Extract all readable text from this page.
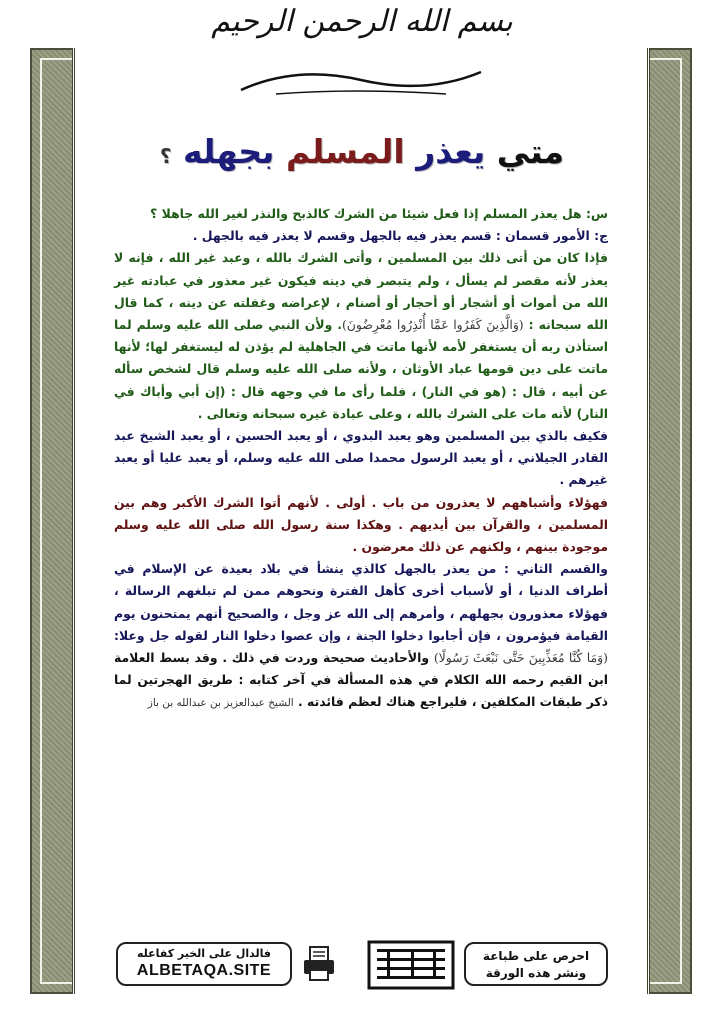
بسم الله الرحمن الرحيم
متي يعذر المسلم بجهله ؟

س: هل يعذر المسلم إذا فعل شيئا من الشرك كالذبح والنذر لغير الله جاهلا ؟

ج: الأمور قسمان : قسم يعذر فيه بالجهل وقسم لا يعذر فيه بالجهل .

فإذا كان من أتى ذلك بين المسلمين ، وأتى الشرك بالله ، وعبد غير الله ، فإنه لا يعذر لأنه مقصر لم يسأل ، ولم يتبصر في دينه فيكون غير معذور في عبادته غير الله من أموات أو أشجار أو أحجار أو أصنام ، لإعراضه وغفلته عن دينه ، كما قال الله سبحانه : (وَالَّذِينَ كَفَرُوا عَمَّا أُنْذِرُوا مُعْرِضُونَ). ولأن النبي صلى الله عليه وسلم لما استأذن ربه أن يستغفر لأمه لأنها ماتت في الجاهلية لم يؤذن له ليستغفر لها؛ لأنها ماتت على دين قومها عباد الأوثان ، ولأنه صلى الله عليه وسلم قال لشخص سأله عن أبيه ، قال : (هو في النار) ، فلما رأى ما في وجهه قال : (إن أبي وأباك في النار) لأنه مات على الشرك بالله ، وعلى عبادة غيره سبحانه وتعالى .

فكيف بالذي بين المسلمين وهو يعبد البدوي ، أو يعبد الحسين ، أو يعبد الشيخ عبد القادر الجيلاني ، أو يعبد الرسول محمدا صلى الله عليه وسلم، أو يعبد عليا أو يعبد غيرهم .

فهؤلاء وأشباههم لا يعذرون من باب . أولى . لأنهم أتوا الشرك الأكبر وهم بين المسلمين ، والقرآن بين أيديهم . وهكذا سنة رسول الله صلى الله عليه وسلم موجودة بينهم ، ولكنهم عن ذلك معرضون .

والقسم الثاني : من يعذر بالجهل كالذي ينشأ في بلاد بعيدة عن الإسلام في أطراف الدنيا ، أو لأسباب أخرى كأهل الفترة ونحوهم ممن لم تبلغهم الرسالة ، فهؤلاء معذورون بجهلهم ، وأمرهم إلى الله عز وجل ، والصحيح أنهم يمتحنون يوم القيامة فيؤمرون ، فإن أجابوا دخلوا الجنة ، وإن عصوا دخلوا النار لقوله جل وعلا: (وَمَا كُنَّا مُعَذِّبِينَ حَتَّى نَبْعَثَ رَسُولًا) والأحاديث صحيحة وردت في ذلك . وقد بسط العلامة ابن القيم رحمه الله الكلام في هذه المسألة في آخر كتابه : طريق الهجرتين لما ذكر طبقات المكلفين ، فليراجع هناك لعظم فائدته . الشيخ عبدالعزيز بن عبدالله بن باز

فالدال على الخير كفاعله
ALBETAQA.SITE
احرص على طباعة
ونشر هذه الورقة
